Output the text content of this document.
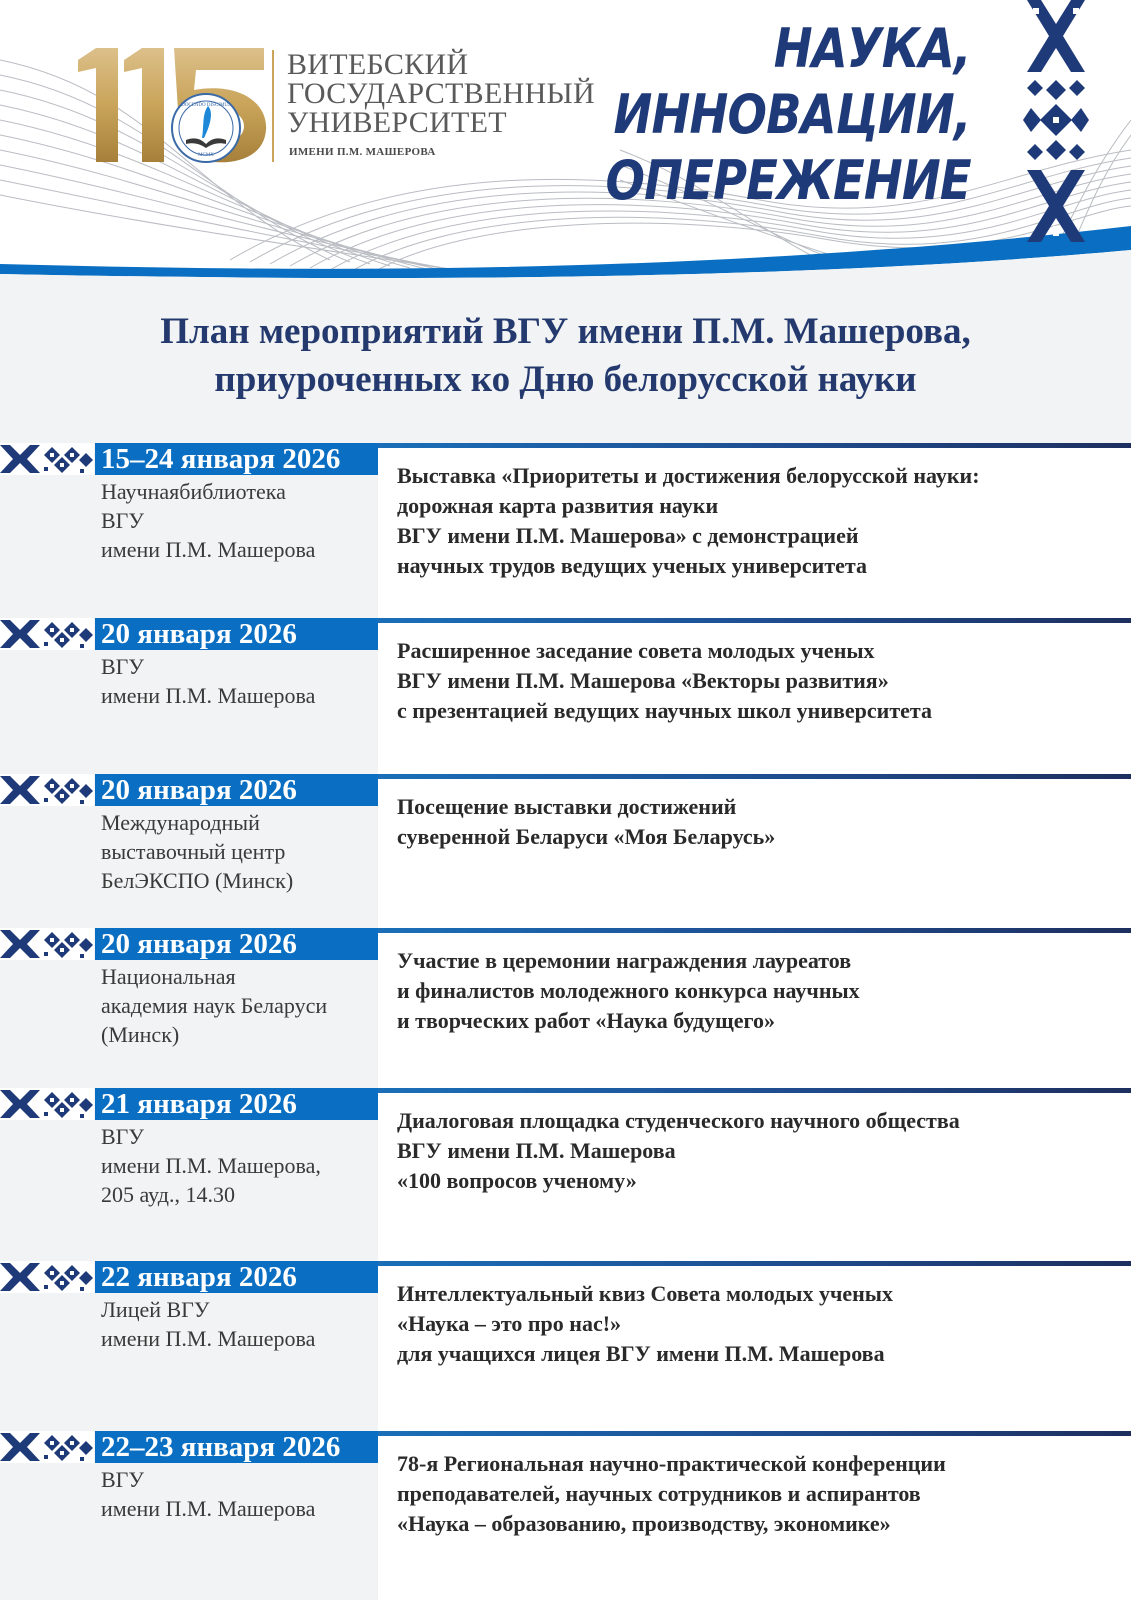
DOCENDO DISCIMUS
MCMX
ВИТЕБСКИЙ
ГОСУДАРСТВЕННЫЙ
УНИВЕРСИТЕТ
ИМЕНИ П.М. МАШЕРОВА
НАУКА,
ИННОВАЦИИ,
ОПЕРЕЖЕНИЕ
План мероприятий ВГУ имени П.М. Машерова,
приуроченных ко Дню белорусской науки
15–24 января 2026
Научнаябиблиотека
ВГУ
имени П.М. Машерова
Выставка «Приоритеты и достижения белорусской науки:
дорожная карта развития науки
ВГУ имени П.М. Машерова» с демонстрацией
научных трудов ведущих ученых университета
20 января 2026
ВГУ
имени П.М. Машерова
Расширенное заседание совета молодых ученых
ВГУ имени П.М. Машерова «Векторы развития»
с презентацией ведущих научных школ университета
20 января 2026
Международный
выставочный центр
БелЭКСПО (Минск)
Посещение выставки достижений
суверенной Беларуси «Моя Беларусь»
20 января 2026
Национальная
академия наук Беларуси
(Минск)
Участие в церемонии награждения лауреатов
и финалистов молодежного конкурса научных
и творческих работ «Наука будущего»
21 января 2026
ВГУ
имени П.М. Машерова,
205 ауд., 14.30
Диалоговая площадка студенческого научного общества
ВГУ имени П.М. Машерова
«100 вопросов ученому»
22 января 2026
Лицей ВГУ
имени П.М. Машерова
Интеллектуальный квиз Совета молодых ученых
«Наука – это про нас!»
для учащихся лицея ВГУ имени П.М. Машерова
22–23 января 2026
ВГУ
имени П.М. Машерова
78-я Региональная научно-практической конференции
преподавателей, научных сотрудников и аспирантов
«Наука – образованию, производству, экономике»
